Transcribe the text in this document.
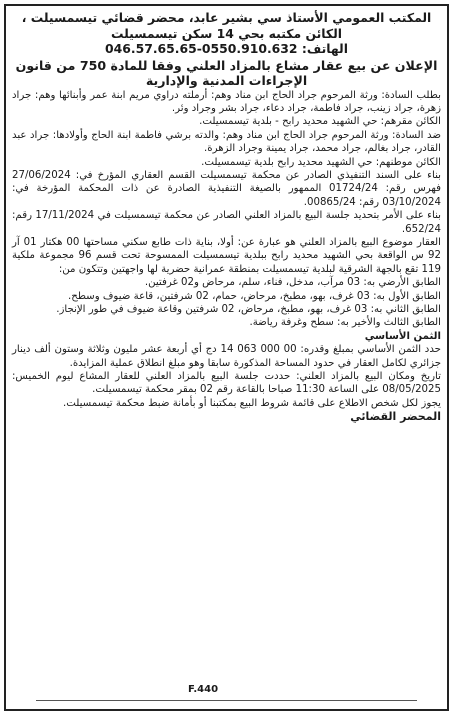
المكتب العمومي الأستاذ سي بشير عابد، محضر قضائي تيسمسيلت ،
الكائن مكتبه بحي 14 سكن تيسمسيلت
الهاتف: 0550.910.632-046.57.65.65
الإعلان عن بيع عقار مشاع بالمزاد العلني وفقا للمادة 750 من قانون
الإجراءات المدنية والإدارية

بطلب السادة: ورثة المرحوم جراد الحاج ابن مناد وهم: أرملته دراوي مريم ابنة عمر وأبنائها وهم: جراد زهرة، جراد زينب، جراد فاطمة، جراد دعاء، جراد بشر وجراد وئر.

الكائن مقرهم: حي الشهيد محديد رابح - بلدية تيسمسيلت.

ضد السادة: ورثة المرحوم جراد الحاج ابن مناد وهم: والدته برشي فاطمة ابنة الحاج وأولادها: جراد عبد القادر، جراد بغالم، جراد محمد، جراد يمينة وجراد الزهرة.

الكائن موطنهم: حي الشهيد محديد رابح بلدية تيسمسيلت.

بناء على السند التنفيذي الصادر عن محكمة تيسمسيلت القسم العقاري المؤرخ في: 27/06/2024 فهرس رقم: 01724/24 الممهور بالصيغة التنفيذية الصادرة عن ذات المحكمة المؤرخة في: 03/10/2024 رقم: 00865/24.

بناء على الأمر بتحديد جلسة البيع بالمزاد العلني الصادر عن محكمة تيسمسيلت في 17/11/2024 رقم: 652/24.

العقار موضوع البيع بالمزاد العلني هو عبارة عن: أولا، بناية ذات طابع سكني مساحتها 00 هكتار 01 آر 92 س الواقعة بحي الشهيد محديد رابح ببلدية تيسمسيلت الممسوحة تحت قسم 96 مجموعة ملكية 119 تقع بالجهة الشرقية لبلدية تيسمسيلت بمنطقة عمرانية حضرية لها واجهتين وتتكون من:

الطابق الأرضي به: 03 مرآب، مدخل، فناء، سلم، مرحاض و02 غرفتين.

الطابق الأول به: 03 غرف، بهو، مطبخ، مرحاض، حمام، 02 شرفتين، قاعة ضيوف وسطح.

الطابق الثاني به: 03 غرف، بهو، مطبخ، مرحاض، 02 شرفتين وقاعة ضيوف في طور الإنجاز.

الطابق الثالث والأخير به: سطح وغرفة رياضة.

الثمن الأساسي

حدد الثمن الأساسي بمبلغ وقدره: 00 000 063 14 دج أي أربعة عشر مليون وثلاثة وستون ألف دينار جزائري لكامل العقار في حدود المساحة المذكورة سابقا وهو مبلغ انطلاق عملية المزايدة.

تاريخ ومكان البيع بالمزاد العلني: حددت جلسة البيع بالمزاد العلني للعقار المشاع ليوم الخميس: 08/05/2025 على الساعة 11:30 صباحا بالقاعة رقم 02 بمقر محكمة تيسمسيلت.

يجوز لكل شخص الاطلاع على قائمة شروط البيع بمكتبنا أو بأمانة ضبط محكمة تيسمسيلت.

المحضر القضائي
F.440
